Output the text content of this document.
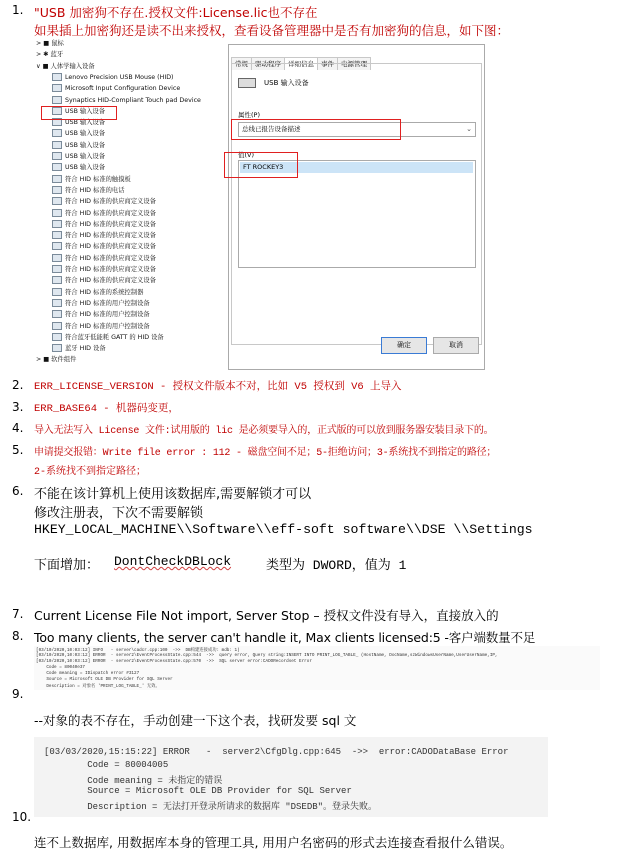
1. "USB 加密狗不存在.授权文件:License.lic也不存在
如果插上加密狗还是读不出来授权，查看设备管理器中是否有加密狗的信息，如下图：
> ■ 鼠标
> ✱ 蓝牙
∨ ■ 人体学输入设备
Lenovo Precision USB Mouse (HID)
Microsoft Input Configuration Device
Synaptics HID-Compliant Touch pad Device
USB 输入设备
USB 输入设备
USB 输入设备
USB 输入设备
USB 输入设备
USB 输入设备
符合 HID 标准的触摸板
符合 HID 标准的电话
符合 HID 标准的供应商定义设备
符合 HID 标准的供应商定义设备
符合 HID 标准的供应商定义设备
符合 HID 标准的供应商定义设备
符合 HID 标准的供应商定义设备
符合 HID 标准的供应商定义设备
符合 HID 标准的供应商定义设备
符合 HID 标准的供应商定义设备
符合 HID 标准的系统控制器
符合 HID 标准的用户控制设备
符合 HID 标准的用户控制设备
符合 HID 标准的用户控制设备
符合蓝牙低能耗 GATT 的 HID 设备
蓝牙 HID 设备
> ■ 软件组件
常规 驱动程序 详细信息 事件 电源管理
USB 输入设备
属性(P)
总线已报告设备描述	⌄
值(V)
FT ROCKEY3
确定	取消
2. ERR_LICENSE_VERSION - 授权文件版本不对，比如 V5 授权到 V6 上导入
3. ERR_BASE64 - 机器码变更，
4. 导入无法写入 License 文件:试用版的 lic 是必须要导入的，正式版的可以放到服务器安装目录下的。
5. 申请提交报错：Write file error : 112 - 磁盘空间不足；5-拒绝访问；3-系统找不到指定的路径；
2-系统找不到指定路径；
6. 不能在该计算机上使用该数据库,需要解锁才可以
修改注册表，下次不需要解锁
HKEY_LOCAL_MACHINE\\Software\\eff-soft software\\DSE \\Settings
下面增加： DontCheckDBLock	类型为 DWORD，值为 1
7. Current License File Not import, Server Stop – 授权文件没有导入，直接放入的
8. Too many clients, the server can't handle it, Max clients licensed:5 -客户端数量不足
[03/10/2020,10:03:12] INFO   - server\cadcr.cpp:100  ->>  DB构建连接成功: mdb: 1)
[03/10/2020,10:03:12] ERROR  - server2\EventProcessState.cpp:544  ->>  query error, Query string:INSERT INTO PRINT_LOG_TABLE_ (HostName, DocName,szWindowsUserName,UserUserName,IP,
[03/10/2020,10:03:12] ERROR  - server2\EventProcessState.cpp:570  ->>  SQL server error:CADORecordset Error
Code = 80040e37
Code meaning = IDispatch error #3127
Source = Microsoft OLE DB Provider for SQL Server
Description = 对象名 'PRINT_LOG_TABLE_' 无效。
9.
--对象的表不存在，手动创建一下这个表，找研发要 sql 文
[03/03/2020,15:15:22] ERROR   -  server2\CfgDlg.cpp:645  ->>  error:CADODataBase Error
Code = 80004005
Code meaning = 未指定的错误
Source = Microsoft OLE DB Provider for SQL Server
Description = 无法打开登录所请求的数据库 "DSEDB"。登录失败。
10.
连不上数据库, 用数据库本身的管理工具, 用用户名密码的形式去连接查看报什么错误。
